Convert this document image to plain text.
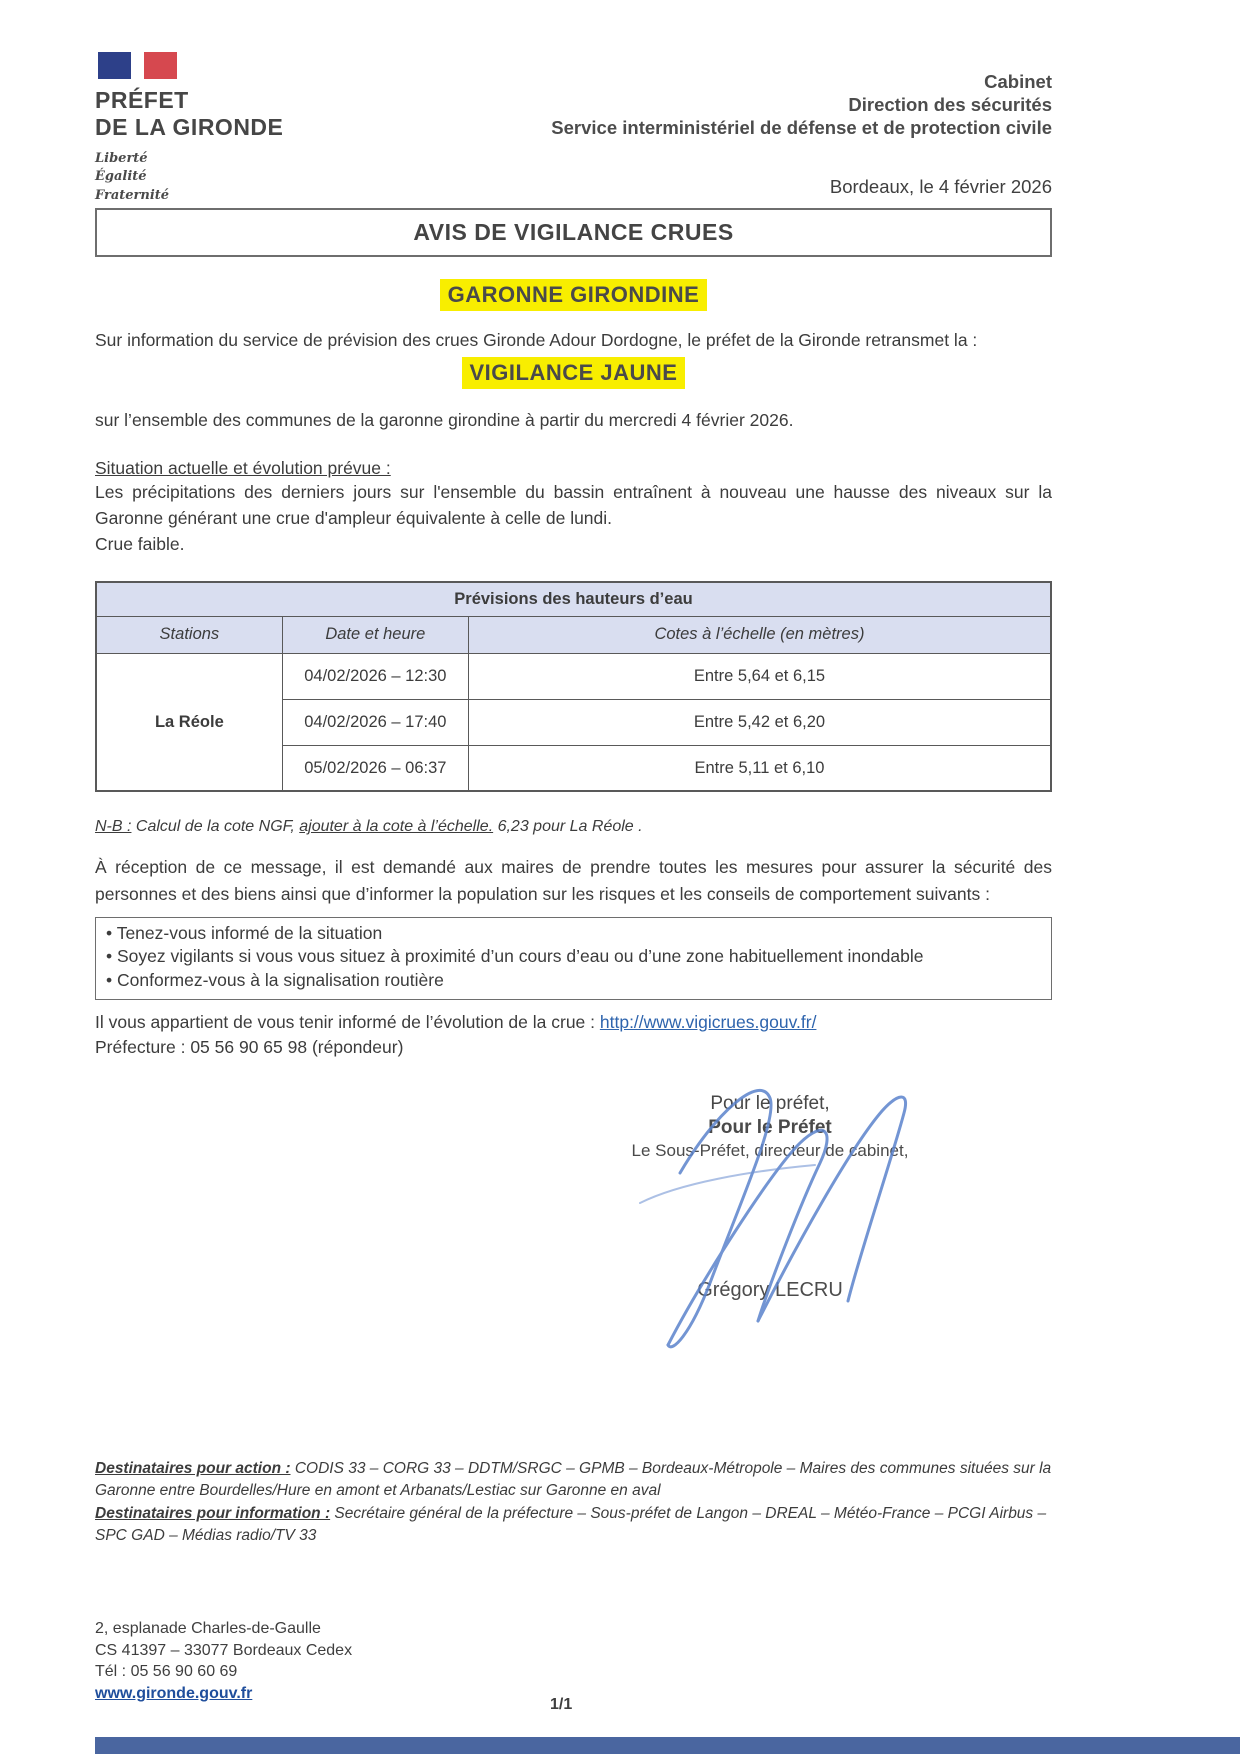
PRÉFET
DE LA GIRONDE
Liberté
Égalité
Fraternité
Cabinet
Direction des sécurités
Service interministériel de défense et de protection civile
Bordeaux, le 4 février 2026
AVIS DE VIGILANCE CRUES
GARONNE GIRONDINE

Sur information du service de prévision des crues Gironde Adour Dordogne, le préfet de la Gironde retransmet la :

VIGILANCE JAUNE

sur l’ensemble des communes de la garonne girondine à partir du mercredi 4 février 2026.

Situation actuelle et évolution prévue :

Les précipitations des derniers jours sur l'ensemble du bassin entraînent à nouveau une hausse des niveaux sur la Garonne générant une crue d'ampleur équivalente à celle de lundi.

Crue faible.

Prévisions des hauteurs d’eau		
Stations	Date et heure	Cotes à l’échelle (en mètres)
La Réole	04/02/2026 – 12:30	Entre 5,64 et 6,15
	04/02/2026 – 17:40	Entre 5,42 et 6,20
	05/02/2026 – 06:37	Entre 5,11 et 6,10
N-B : Calcul de la cote NGF, ajouter à la cote à l’échelle. 6,23 pour La Réole .

À réception de ce message, il est demandé aux maires de prendre toutes les mesures pour assurer la sécurité des personnes et des biens ainsi que d’informer la population sur les risques et les conseils de comportement suivants :

• Tenez-vous informé de la situation
• Soyez vigilants si vous vous situez à proximité d’un cours d’eau ou d’une zone habituellement inondable
• Conformez-vous à la signalisation routière
Il vous appartient de vous tenir informé de l’évolution de la crue : http://www.vigicrues.gouv.fr/
Préfecture : 05 56 90 65 98 (répondeur)
Pour le préfet,
Pour le Préfet
Le Sous-Préfet, directeur de cabinet,
Grégory LECRU
Destinataires pour action : CODIS 33 – CORG 33 – DDTM/SRGC – GPMB – Bordeaux-Métropole – Maires des communes situées sur la Garonne entre Bourdelles/Hure en amont et Arbanats/Lestiac sur Garonne en aval
Destinataires pour information : Secrétaire général de la préfecture – Sous-préfet de Langon – DREAL – Météo-France – PCGI Airbus – SPC GAD – Médias radio/TV 33
2, esplanade Charles-de-Gaulle
CS 41397 – 33077 Bordeaux Cedex
Tél : 05 56 90 60 69
www.gironde.gouv.fr
1/1
